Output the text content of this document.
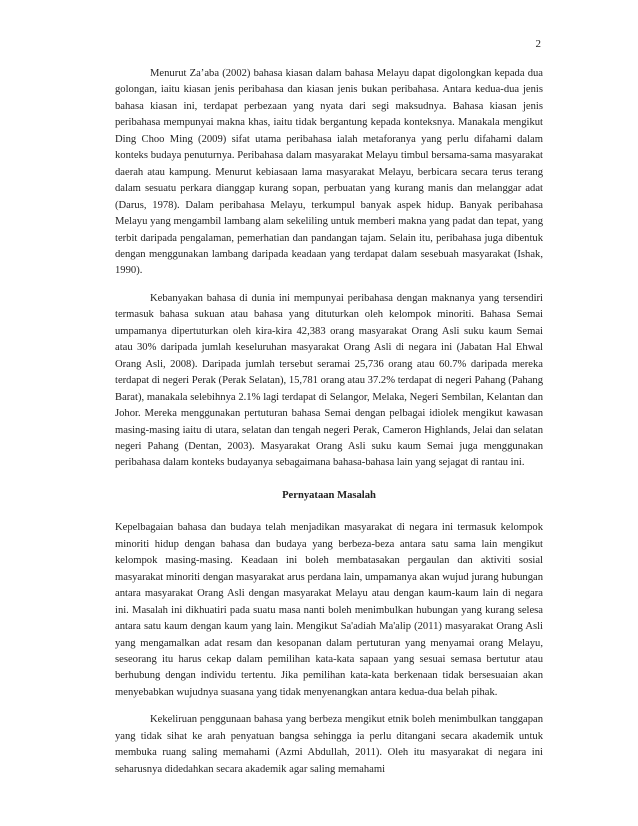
2

Menurut Za’aba (2002) bahasa kiasan dalam bahasa Melayu dapat digolongkan kepada dua golongan, iaitu kiasan jenis peribahasa dan kiasan jenis bukan peribahasa. Antara kedua-dua jenis bahasa kiasan ini, terdapat perbezaan yang nyata dari segi maksudnya. Bahasa kiasan jenis peribahasa mempunyai makna khas, iaitu tidak bergantung kepada konteksnya. Manakala mengikut Ding Choo Ming (2009) sifat utama peribahasa ialah metaforanya yang perlu difahami dalam konteks budaya penuturnya. Peribahasa dalam masyarakat Melayu timbul bersama-sama masyarakat daerah atau kampung. Menurut kebiasaan lama masyarakat Melayu, berbicara secara terus terang dalam sesuatu perkara dianggap kurang sopan, perbuatan yang kurang manis dan melanggar adat (Darus, 1978). Dalam peribahasa Melayu, terkumpul banyak aspek hidup. Banyak peribahasa Melayu yang mengambil lambang alam sekeliling untuk memberi makna yang padat dan tepat, yang terbit daripada pengalaman, pemerhatian dan pandangan tajam. Selain itu, peribahasa juga dibentuk dengan menggunakan lambang daripada keadaan yang terdapat dalam sesebuah masyarakat (Ishak, 1990).

Kebanyakan bahasa di dunia ini mempunyai peribahasa dengan maknanya yang tersendiri termasuk bahasa sukuan atau bahasa yang dituturkan oleh kelompok minoriti. Bahasa Semai umpamanya dipertuturkan oleh kira-kira 42,383 orang masyarakat Orang Asli suku kaum Semai atau 30% daripada jumlah keseluruhan masyarakat Orang Asli di negara ini (Jabatan Hal Ehwal Orang Asli, 2008). Daripada jumlah tersebut seramai 25,736 orang atau 60.7% daripada mereka terdapat di negeri Perak (Perak Selatan), 15,781 orang atau 37.2% terdapat di negeri Pahang (Pahang Barat), manakala selebihnya 2.1% lagi terdapat di Selangor, Melaka, Negeri Sembilan, Kelantan dan Johor. Mereka menggunakan pertuturan bahasa Semai dengan pelbagai idiolek mengikut kawasan masing-masing iaitu di utara, selatan dan tengah negeri Perak, Cameron Highlands, Jelai dan selatan negeri Pahang (Dentan, 2003). Masyarakat Orang Asli suku kaum Semai juga menggunakan peribahasa dalam konteks budayanya sebagaimana bahasa-bahasa lain yang sejagat di rantau ini.

Pernyataan Masalah

Kepelbagaian bahasa dan budaya telah menjadikan masyarakat di negara ini termasuk kelompok minoriti hidup dengan bahasa dan budaya yang berbeza-beza antara satu sama lain mengikut kelompok masing-masing. Keadaan ini boleh membatasakan pergaulan dan aktiviti sosial masyarakat minoriti dengan masyarakat arus perdana lain, umpamanya akan wujud jurang hubungan antara masyarakat Orang Asli dengan masyarakat Melayu atau dengan kaum-kaum lain di negara ini. Masalah ini dikhuatiri pada suatu masa nanti boleh menimbulkan hubungan yang kurang selesa antara satu kaum dengan kaum yang lain. Mengikut Sa'adiah Ma'alip (2011) masyarakat Orang Asli yang mengamalkan adat resam dan kesopanan dalam pertuturan yang menyamai orang Melayu, seseorang itu harus cekap dalam pemilihan kata-kata sapaan yang sesuai semasa bertutur atau berhubung dengan individu tertentu. Jika pemilihan kata-kata berkenaan tidak bersesuaian akan menyebabkan wujudnya suasana yang tidak menyenangkan antara kedua-dua belah pihak.

Kekeliruan penggunaan bahasa yang berbeza mengikut etnik boleh menimbulkan tanggapan yang tidak sihat ke arah penyatuan bangsa sehingga ia perlu ditangani secara akademik untuk membuka ruang saling memahami (Azmi Abdullah, 2011). Oleh itu masyarakat di negara ini seharusnya didedahkan secara akademik agar saling memahami
